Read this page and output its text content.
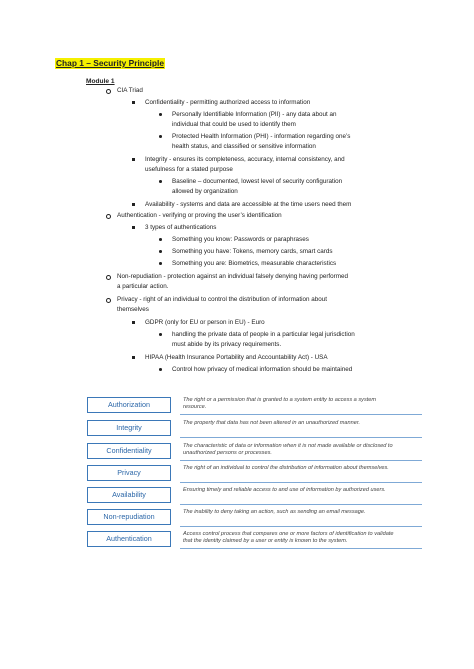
Chap 1 – Security Principle
Module 1
CIA Triad
Confidentiality - permitting authorized access to information
Personally Identifiable Information (PII) - any data about an
individual that could be used to identify them
Protected Health Information (PHI) - information regarding one’s
health status, and classified or sensitive information
Integrity - ensures its completeness, accuracy, internal consistency, and
usefulness for a stated purpose
Baseline – documented, lowest level of security configuration
allowed by organization
Availability - systems and data are accessible at the time users need them
Authentication - verifying or proving the user’s identification
3 types of authentications
Something you know: Passwords or paraphrases
Something you have: Tokens, memory cards, smart cards
Something you are: Biometrics, measurable characteristics
Non-repudiation - protection against an individual falsely denying having performed
a particular action.
Privacy - right of an individual to control the distribution of information about
themselves
GDPR (only for EU or person in EU) - Euro
handling the private data of people in a particular legal jurisdiction
must abide by its privacy requirements.
HIPAA (Health Insurance Portability and Accountability Act) - USA
Control how privacy of medical information should be maintained
Authorization	The right or a permission that is granted to a system entity to access a system
resource.
Integrity	The property that data has not been altered in an unauthorized manner.
Confidentiality	The characteristic of data or information when it is not made available or disclosed to
unauthorized persons or processes.
Privacy	The right of an individual to control the distribution of information about themselves.
Availability	Ensuring timely and reliable access to and use of information by authorized users.
Non-repudiation	The inability to deny taking an action, such as sending an email message.
Authentication	Access control process that compares one or more factors of identification to validate
that the identity claimed by a user or entity is known to the system.
